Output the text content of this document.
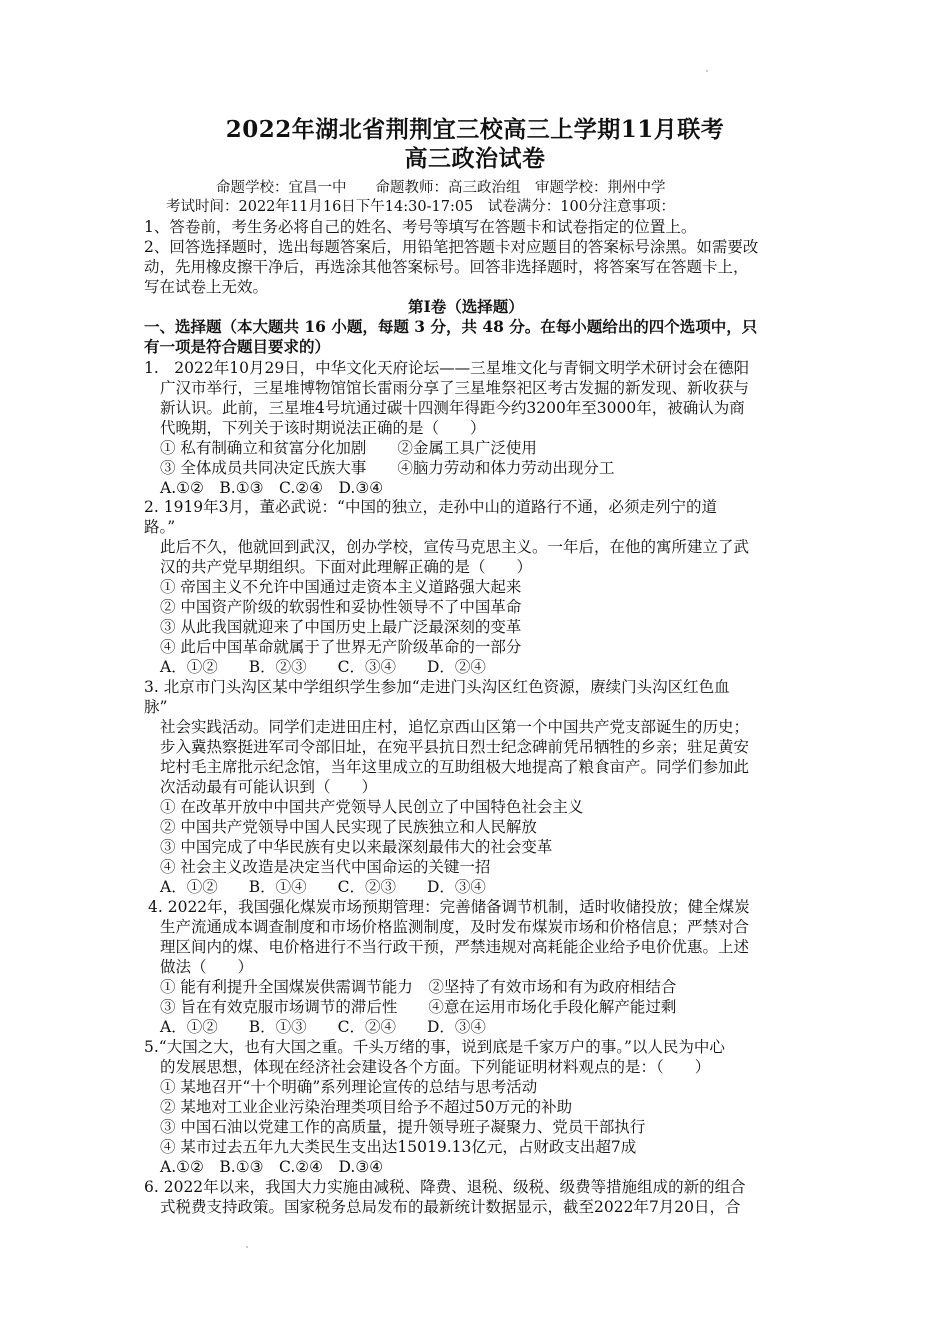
2022年湖北省荆荆宜三校高三上学期11月联考
高三政治试卷
命题学校：宜昌一中　　命题教师：高三政治组　审题学校：荆州中学
考试时间：2022年11月16日下午14:30-17:05　试卷满分：100分注意事项：
1、答卷前，考生务必将自己的姓名、考号等填写在答题卡和试卷指定的位置上。
2、回答选择题时，选出每题答案后，用铅笔把答题卡对应题目的答案标号涂黑。如需要改
动，先用橡皮擦干净后，再选涂其他答案标号。回答非选择题时，将答案写在答题卡上，
写在试卷上无效。
第Ⅰ卷（选择题）
一、选择题（本大题共 16 小题，每题 3 分，共 48 分。在每小题给出的四个选项中，只
有一项是符合题目要求的）
1.　2022年10月29日，中华文化天府论坛——三星堆文化与青铜文明学术研讨会在德阳
广汉市举行，三星堆博物馆馆长雷雨分享了三星堆祭祀区考古发掘的新发现、新收获与
新认识。此前，三星堆4号坑通过碳十四测年得距今约3200年至3000年，被确认为商
代晚期，下列关于该时期说法正确的是（　　）
① 私有制确立和贫富分化加剧　　②金属工具广泛使用
③ 全体成员共同决定氏族大事　　④脑力劳动和体力劳动出现分工
A.①②　B.①③　C.②④　D.③④
2. 1919年3月，董必武说：“中国的独立，走孙中山的道路行不通，必须走列宁的道
路。”
此后不久，他就回到武汉，创办学校，宣传马克思主义。一年后，在他的寓所建立了武
汉的共产党早期组织。下面对此理解正确的是（　　）
① 帝国主义不允许中国通过走资本主义道路强大起来
② 中国资产阶级的软弱性和妥协性领导不了中国革命
③ 从此我国就迎来了中国历史上最广泛最深刻的变革
④ 此后中国革命就属于了世界无产阶级革命的一部分
A．①②　　B．②③　　C．③④　　D．②④
3. 北京市门头沟区某中学组织学生参加“走进门头沟区红色资源，赓续门头沟区红色血
脉”
社会实践活动。同学们走进田庄村，追忆京西山区第一个中国共产党支部诞生的历史；
步入冀热察挺进军司令部旧址，在宛平县抗日烈士纪念碑前凭吊牺牲的乡亲；驻足黄安
坨村毛主席批示纪念馆，当年这里成立的互助组极大地提高了粮食亩产。同学们参加此
次活动最有可能认识到（　　）
① 在改革开放中中国共产党领导人民创立了中国特色社会主义
② 中国共产党领导中国人民实现了民族独立和人民解放
③ 中国完成了中华民族有史以来最深刻最伟大的社会变革
④ 社会主义改造是决定当代中国命运的关键一招
A．①②　　B．①④　　C．②③　　D．③④
4. 2022年，我国强化煤炭市场预期管理：完善储备调节机制，适时收储投放；健全煤炭
生产流通成本调查制度和市场价格监测制度，及时发布煤炭市场和价格信息；严禁对合
理区间内的煤、电价格进行不当行政干预，严禁违规对高耗能企业给予电价优惠。上述
做法（　　）
① 能有利提升全国煤炭供需调节能力　②坚持了有效市场和有为政府相结合
③ 旨在有效克服市场调节的滞后性　　④意在运用市场化手段化解产能过剩
A．①②　　B．①③　　C．②④　　D．③④
5.“大国之大，也有大国之重。千头万绪的事，说到底是千家万户的事。”以人民为中心
的发展思想，体现在经济社会建设各个方面。下列能证明材料观点的是：（　　）
① 某地召开“十个明确”系列理论宣传的总结与思考活动
② 某地对工业企业污染治理类项目给予不超过50万元的补助
③ 中国石油以党建工作的高质量，提升领导班子凝聚力、党员干部执行
④ 某市过去五年九大类民生支出达15019.13亿元，占财政支出超7成
A.①②　B.①③　C.②④　D.③④
6. 2022年以来，我国大力实施由减税、降费、退税、级税、级费等措施组成的新的组合
式税费支持政策。国家税务总局发布的最新统计数据显示，截至2022年7月20日，合
